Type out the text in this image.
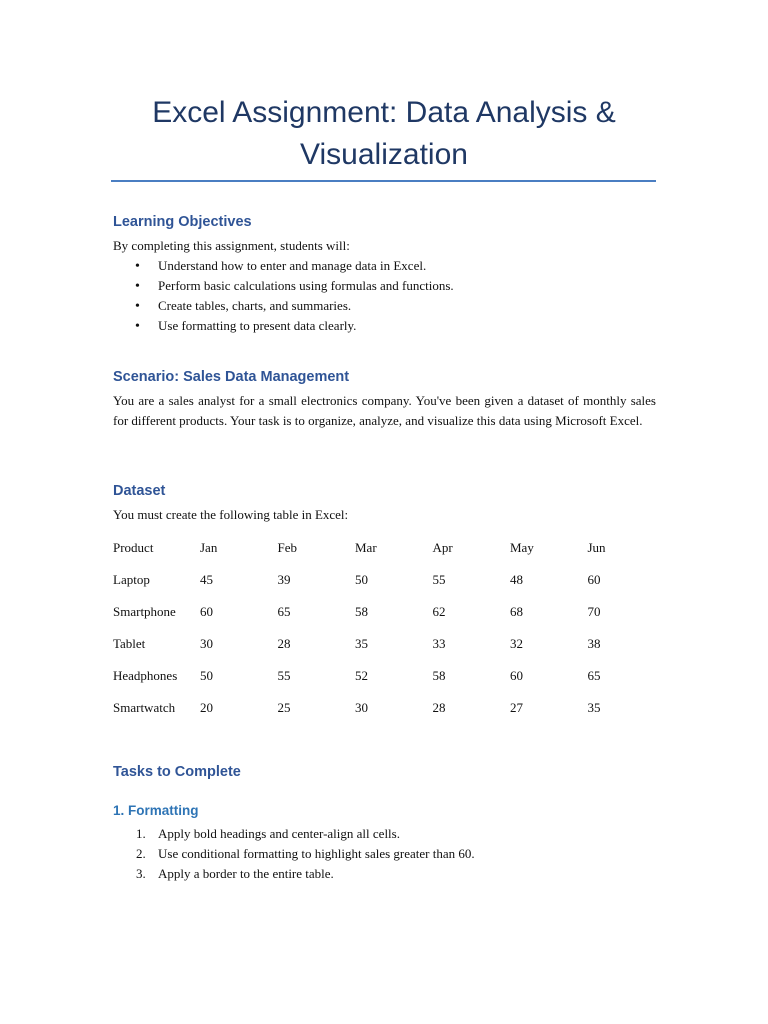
Excel Assignment: Data Analysis & Visualization
Learning Objectives
By completing this assignment, students will:
•
Understand how to enter and manage data in Excel.
•
Perform basic calculations using formulas and functions.
•
Create tables, charts, and summaries.
•
Use formatting to present data clearly.
Scenario: Sales Data Management
You are a sales analyst for a small electronics company. You've been given a dataset of monthly sales for different products. Your task is to organize, analyze, and visualize this data using Microsoft Excel.
Dataset
You must create the following table in Excel:
Product	Jan	Feb	Mar	Apr	May	Jun
Laptop	45	39	50	55	48	60
Smartphone	60	65	58	62	68	70
Tablet	30	28	35	33	32	38
Headphones	50	55	52	58	60	65
Smartwatch	20	25	30	28	27	35
Tasks to Complete
1. Formatting
1. Apply bold headings and center-align all cells.
2. Use conditional formatting to highlight sales greater than 60.
3. Apply a border to the entire table.
